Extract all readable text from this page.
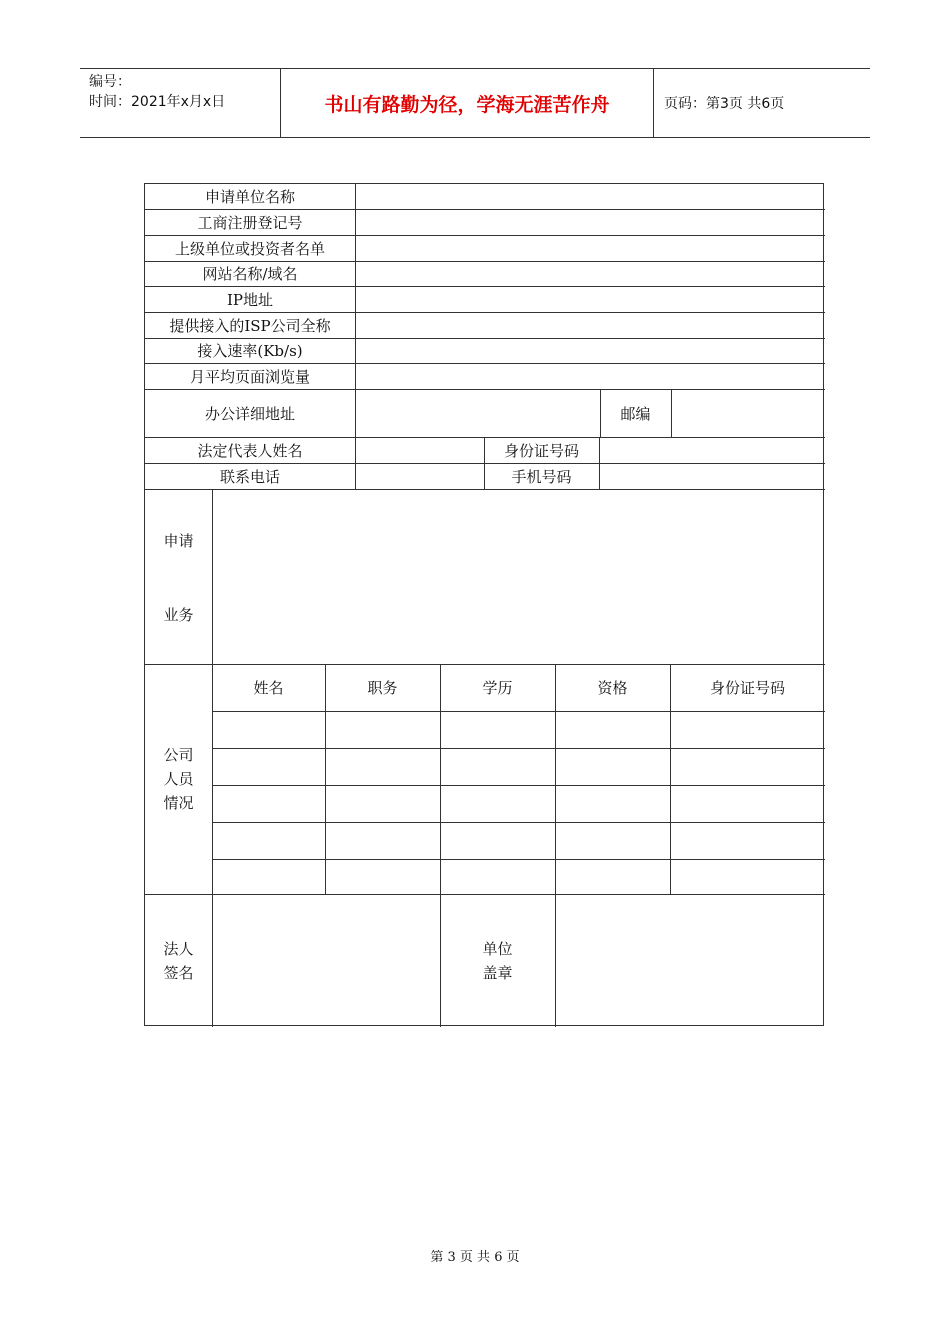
编号：
时间：2021年x月x日	书山有路勤为径，学海无涯苦作舟	页码：第3页 共6页
申请单位名称
工商注册登记号
上级单位或投资者名单
网站名称/域名
IP地址
提供接入的ISP公司全称
接入速率(Kb/s)
月平均页面浏览量
办公详细地址	邮编
法定代表人姓名	身份证号码
联系电话	手机号码
申请
业务
公司
人员
情况
姓名	职务	学历	资格	身份证号码
法人
签名
单位
盖章
第 3 页 共 6 页
